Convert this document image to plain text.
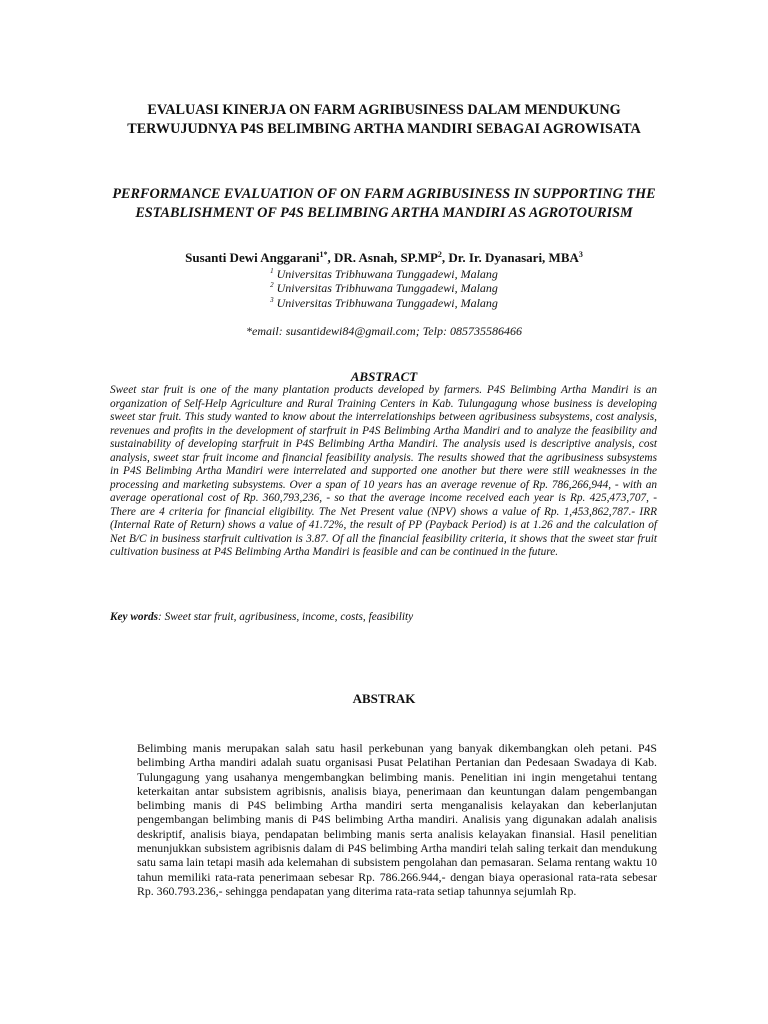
EVALUASI KINERJA ON FARM AGRIBUSINESS DALAM MENDUKUNG TERWUJUDNYA P4S BELIMBING ARTHA MANDIRI SEBAGAI AGROWISATA
PERFORMANCE EVALUATION OF ON FARM AGRIBUSINESS IN SUPPORTING THE ESTABLISHMENT OF P4S BELIMBING ARTHA MANDIRI AS AGROTOURISM
Susanti Dewi Anggarani$^{1*}$, DR. Asnah, $SP.MP^2$, Dr. Ir. Dyanasari, MBA$^3$
$^1$ Universitas Tribhuwana Tunggadewi, Malang
$^2$ Universitas Tribhuwana Tunggadewi, Malang
$^3$ Universitas Tribhuwana Tunggadewi, Malang
*email: susantidewi84@gmail.com; Telp: 085735586466
ABSTRACT

Sweet star fruit is one of the many plantation products developed by farmers. P4S Belimbing Artha Mandiri is an organization of Self-Help Agriculture and Rural Training Centers in Kab. Tulungagung whose business is developing sweet star fruit. This study wanted to know about the interrelationships between agribusiness subsystems, cost analysis, revenues and profits in the development of starfruit in P4S Belimbing Artha Mandiri and to analyze the feasibility and sustainability of developing starfruit in P4S Belimbing Artha Mandiri. The analysis used is descriptive analysis, cost analysis, sweet star fruit income and financial feasibility analysis. The results showed that the agribusiness subsystems in P4S Belimbing Artha Mandiri were interrelated and supported one another but there were still weaknesses in the processing and marketing subsystems. Over a span of 10 years has an average revenue of Rp. 786,266,944, - with an average operational cost of Rp. 360,793,236, - so that the average income received each year is Rp. 425,473,707, - There are 4 criteria for financial eligibility. The Net Present value (NPV) shows a value of Rp. 1,453,862,787.- IRR (Internal Rate of Return) shows a value of 41.72%, the result of PP (Payback Period) is at 1.26 and the calculation of Net B/C in business starfruit cultivation is 3.87. Of all the financial feasibility criteria, it shows that the sweet star fruit cultivation business at P4S Belimbing Artha Mandiri is feasible and can be continued in the future.

Key words: Sweet star fruit, agribusiness, income, costs, feasibility

ABSTRAK

Belimbing manis merupakan salah satu hasil perkebunan yang banyak dikembangkan oleh petani. P4S belimbing Artha mandiri adalah suatu organisasi Pusat Pelatihan Pertanian dan Pedesaan Swadaya di Kab. Tulungagung yang usahanya mengembangkan belimbing manis. Penelitian ini ingin mengetahui tentang keterkaitan antar subsistem agribisnis, analisis biaya, penerimaan dan keuntungan dalam pengembangan belimbing manis di P4S belimbing Artha mandiri serta menganalisis kelayakan dan keberlanjutan pengembangan belimbing manis di P4S belimbing Artha mandiri. Analisis yang digunakan adalah analisis deskriptif, analisis biaya, pendapatan belimbing manis serta analisis kelayakan finansial. Hasil penelitian menunjukkan subsistem agribisnis dalam di P4S belimbing Artha mandiri telah saling terkait dan mendukung satu sama lain tetapi masih ada kelemahan di subsistem pengolahan dan pemasaran. Selama rentang waktu 10 tahun memiliki rata-rata penerimaan sebesar Rp. 786.266.944,- dengan biaya operasional rata-rata sebesar Rp. 360.793.236,- sehingga pendapatan yang diterima rata-rata setiap tahunnya sejumlah Rp.
